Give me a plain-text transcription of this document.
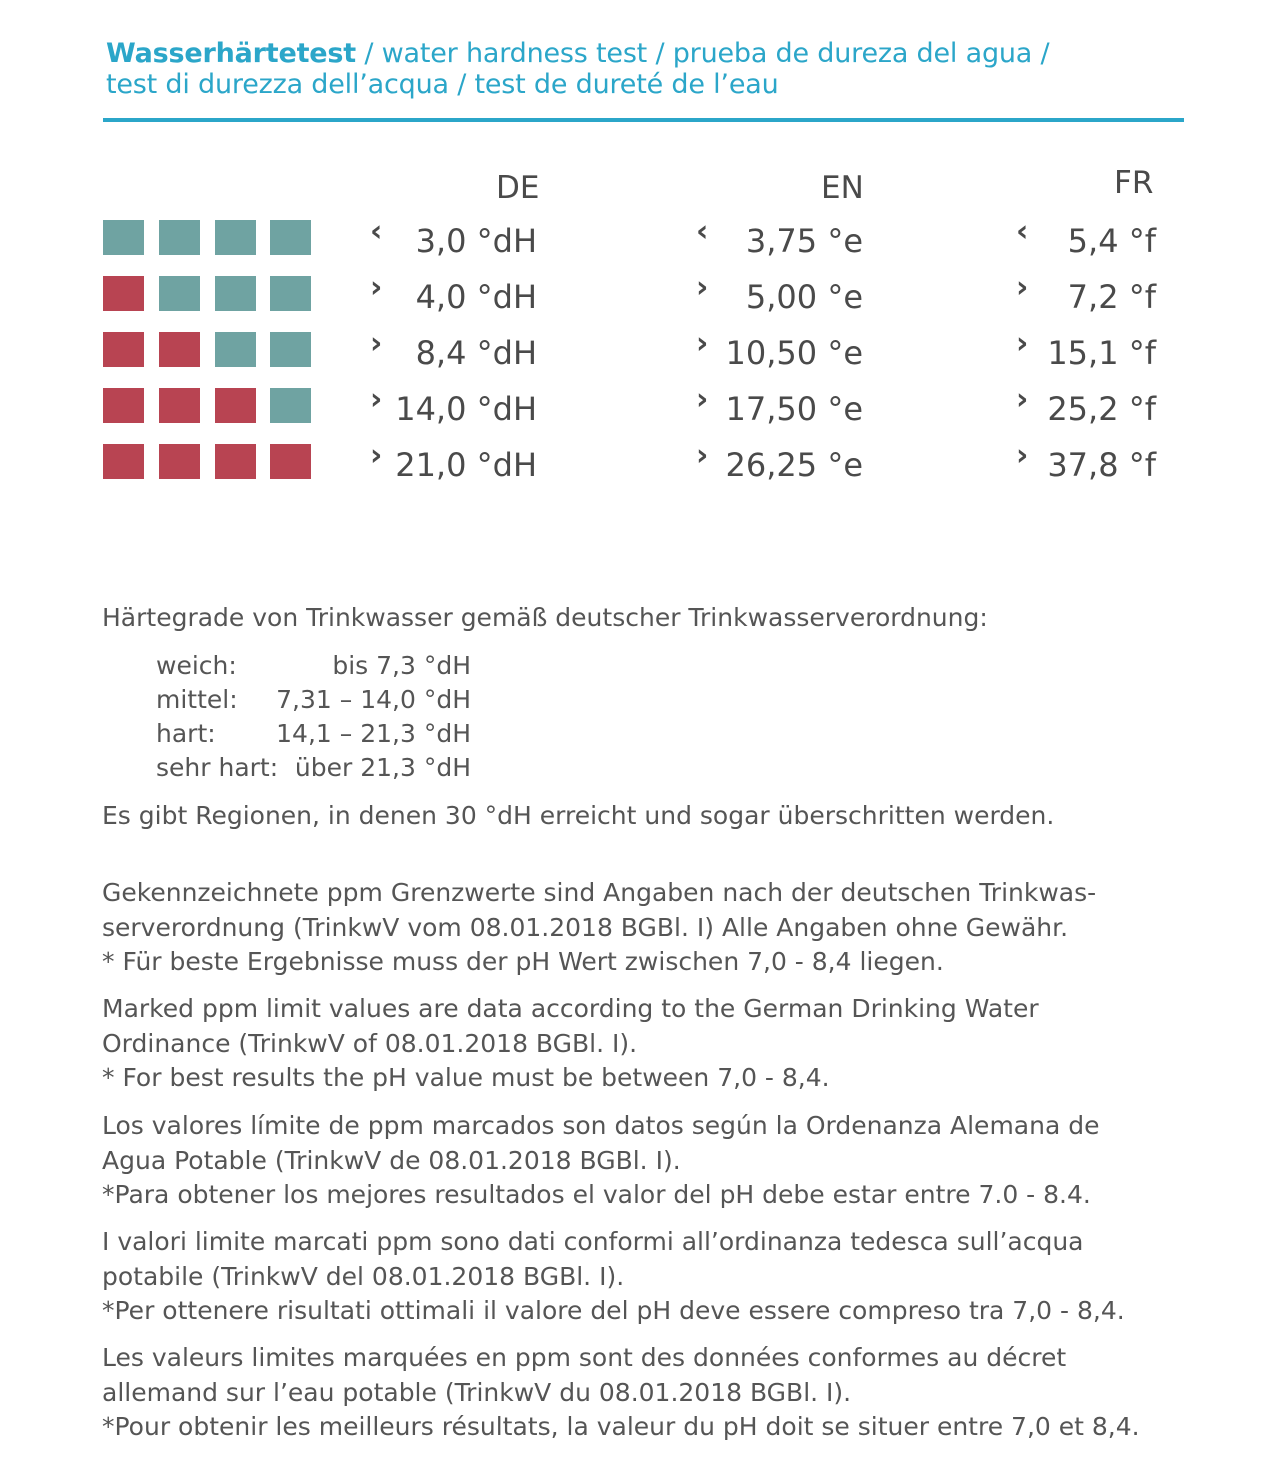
Wasserhärtetest / water hardness test / prueba de dureza del agua /
test di durezza dell’acqua / test de dureté de l’eau
DE	EN	FR
‹ 3,0 °dH	‹ 3,75 °e	‹ 5,4 °f
› 4,0 °dH	› 5,00 °e	› 7,2 °f
› 8,4 °dH	› 10,50 °e	› 15,1 °f
› 14,0 °dH	› 17,50 °e	› 25,2 °f
› 21,0 °dH	› 26,25 °e	› 37,8 °f
Härtegrade von Trinkwasser gemäß deutscher Trinkwasserverordnung:
weich:	bis 7,3 °dH
mittel: 7,31 – 14,0 °dH
hart: 14,1 – 21,3 °dH
sehr hart: über 21,3 °dH
Es gibt Regionen, in denen 30 °dH erreicht und sogar überschritten werden.
Gekennzeichnete ppm Grenzwerte sind Angaben nach der deutschen Trinkwas-
serverordnung (TrinkwV vom 08.01.2018 BGBl. I) Alle Angaben ohne Gewähr.
* Für beste Ergebnisse muss der pH Wert zwischen 7,0 - 8,4 liegen.
Marked ppm limit values are data according to the German Drinking Water
Ordinance (TrinkwV of 08.01.2018 BGBl. I).
* For best results the pH value must be between 7,0 - 8,4.
Los valores límite de ppm marcados son datos según la Ordenanza Alemana de
Agua Potable (TrinkwV de 08.01.2018 BGBl. I).
*Para obtener los mejores resultados el valor del pH debe estar entre 7.0 - 8.4.
I valori limite marcati ppm sono dati conformi all’ordinanza tedesca sull’acqua
potabile (TrinkwV del 08.01.2018 BGBl. I).
*Per ottenere risultati ottimali il valore del pH deve essere compreso tra 7,0 - 8,4.
Les valeurs limites marquées en ppm sont des données conformes au décret
allemand sur l’eau potable (TrinkwV du 08.01.2018 BGBl. I).
*Pour obtenir les meilleurs résultats, la valeur du pH doit se situer entre 7,0 et 8,4.
